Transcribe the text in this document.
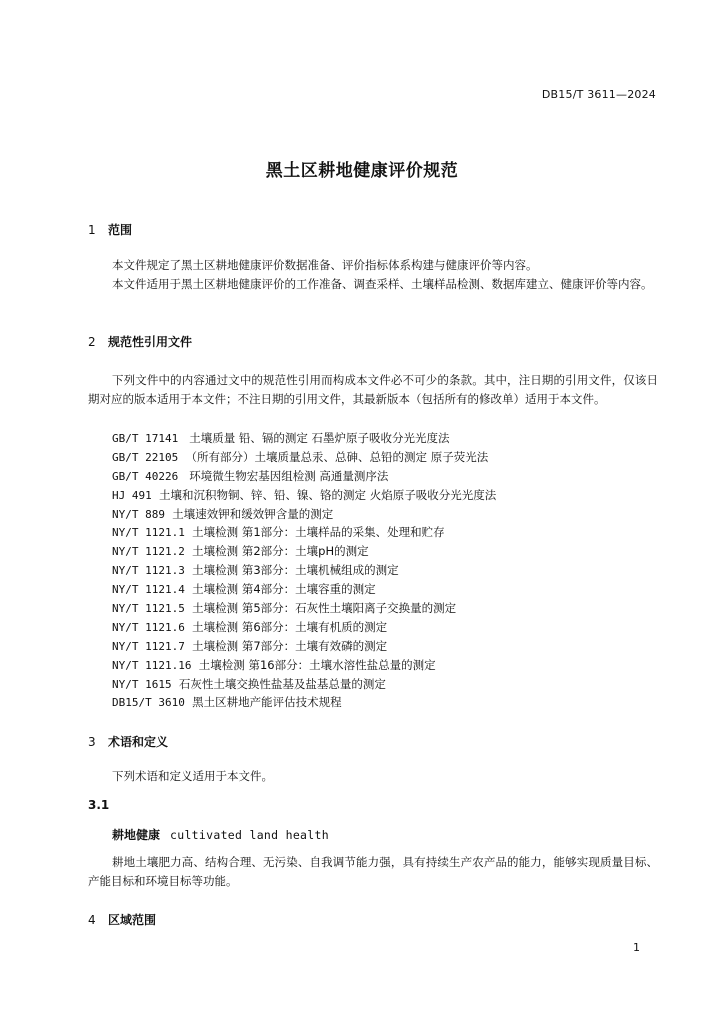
DB15/T 3611—2024
黑土区耕地健康评价规范
1 范围
本文件规定了黑土区耕地健康评价数据准备、评价指标体系构建与健康评价等内容。
本文件适用于黑土区耕地健康评价的工作准备、调查采样、土壤样品检测、数据库建立、健康评价等内容。
2 规范性引用文件
下列文件中的内容通过文中的规范性引用而构成本文件必不可少的条款。其中，注日期的引用文件，仅该日期对应的版本适用于本文件；不注日期的引用文件，其最新版本（包括所有的修改单）适用于本文件。
GB/T 17141 土壤质量 铅、镉的测定 石墨炉原子吸收分光光度法
GB/T 22105 （所有部分）土壤质量总汞、总砷、总铅的测定 原子荧光法
GB/T 40226 环境微生物宏基因组检测 高通量测序法
HJ 491 土壤和沉积物铜、锌、铅、镍、铬的测定 火焰原子吸收分光光度法
NY/T 889 土壤速效钾和缓效钾含量的测定
NY/T 1121.1 土壤检测 第1部分：土壤样品的采集、处理和贮存
NY/T 1121.2 土壤检测 第2部分：土壤pH的测定
NY/T 1121.3 土壤检测 第3部分：土壤机械组成的测定
NY/T 1121.4 土壤检测 第4部分：土壤容重的测定
NY/T 1121.5 土壤检测 第5部分：石灰性土壤阳离子交换量的测定
NY/T 1121.6 土壤检测 第6部分：土壤有机质的测定
NY/T 1121.7 土壤检测 第7部分：土壤有效磷的测定
NY/T 1121.16 土壤检测 第16部分：土壤水溶性盐总量的测定
NY/T 1615 石灰性土壤交换性盐基及盐基总量的测定
DB15/T 3610 黑土区耕地产能评估技术规程
3 术语和定义
下列术语和定义适用于本文件。
3.1
耕地健康 cultivated land health
耕地土壤肥力高、结构合理、无污染、自我调节能力强，具有持续生产农产品的能力，能够实现质量目标、产能目标和环境目标等功能。
4 区域范围
1
